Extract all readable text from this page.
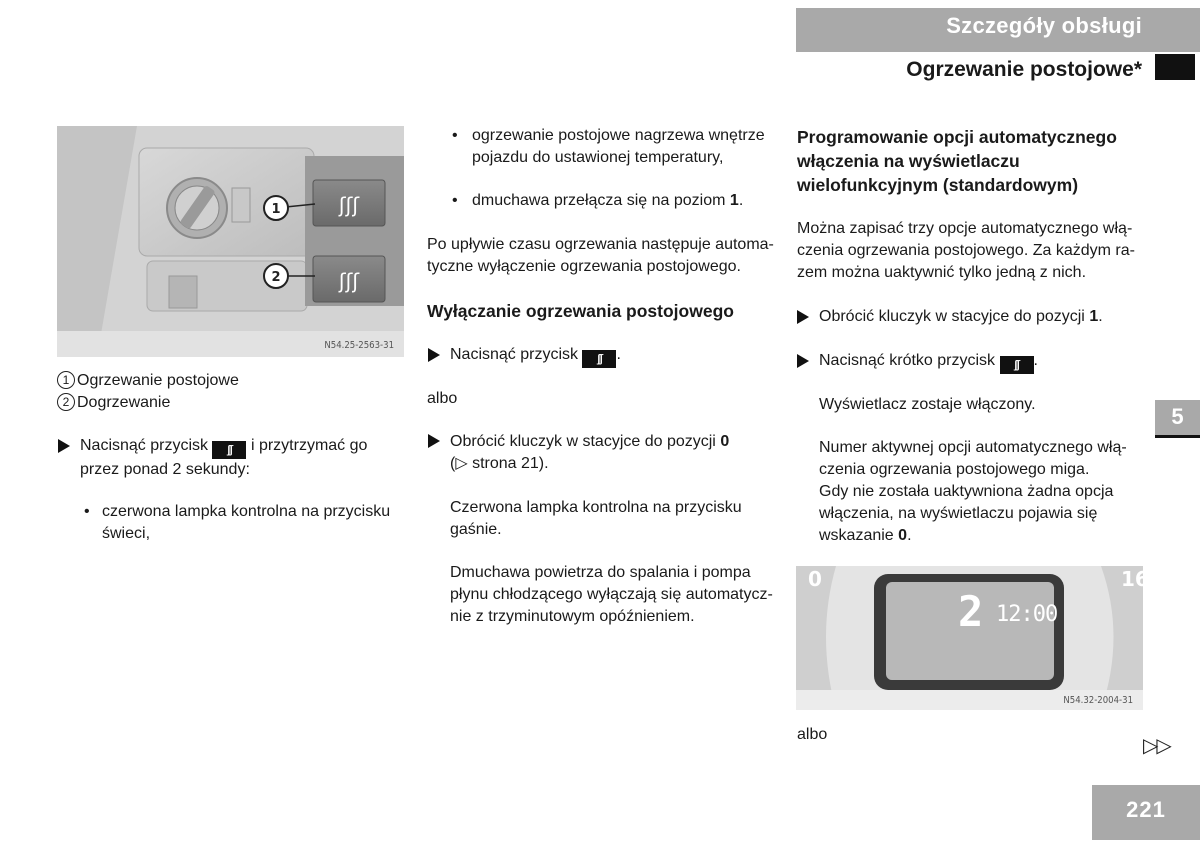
Szczegóły obsługi
Ogrzewanie postojowe*
5
221
ʃʃʃ
ʃʃʃ
1
2
N54.25-2563-31
1 Ogrzewanie postojowe
2 Dogrzewanie
Nacisnąć przycisk ʃʃʃ i przytrzymać go
przez ponad 2 sekundy:
• czerwona lampka kontrolna na przycisku
świeci,
• ogrzewanie postojowe nagrzewa wnętrze
pojazdu do ustawionej temperatury,
• dmuchawa przełącza się na poziom 1.
Po upływie czasu ogrzewania następuje automa-
tyczne wyłączenie ogrzewania postojowego.
Wyłączanie ogrzewania postojowego
Nacisnąć przycisk ʃʃʃ .
albo
Obrócić kluczyk w stacyjce do pozycji 0
(▷ strona 21).
Czerwona lampka kontrolna na przycisku
gaśnie.
Dmuchawa powietrza do spalania i pompa
płynu chłodzącego wyłączają się automatycz-
nie z trzyminutowym opóźnieniem.
Programowanie opcji automatycznego
włączenia na wyświetlaczu
wielofunkcyjnym (standardowym)
Można zapisać trzy opcje automatycznego włą-
czenia ogrzewania postojowego. Za każdym ra-
zem można uaktywnić tylko jedną z nich.
Obrócić kluczyk w stacyjce do pozycji 1.
Nacisnąć krótko przycisk ʃʃʃ .
Wyświetlacz zostaje włączony.
Numer aktywnej opcji automatycznego włą-
czenia ogrzewania postojowego miga.
Gdy nie została uaktywniona żadna opcja
włączenia, na wyświetlaczu pojawia się
wskazanie 0.
0	16
2 12:00
N54.32-2004-31
albo
▷▷
